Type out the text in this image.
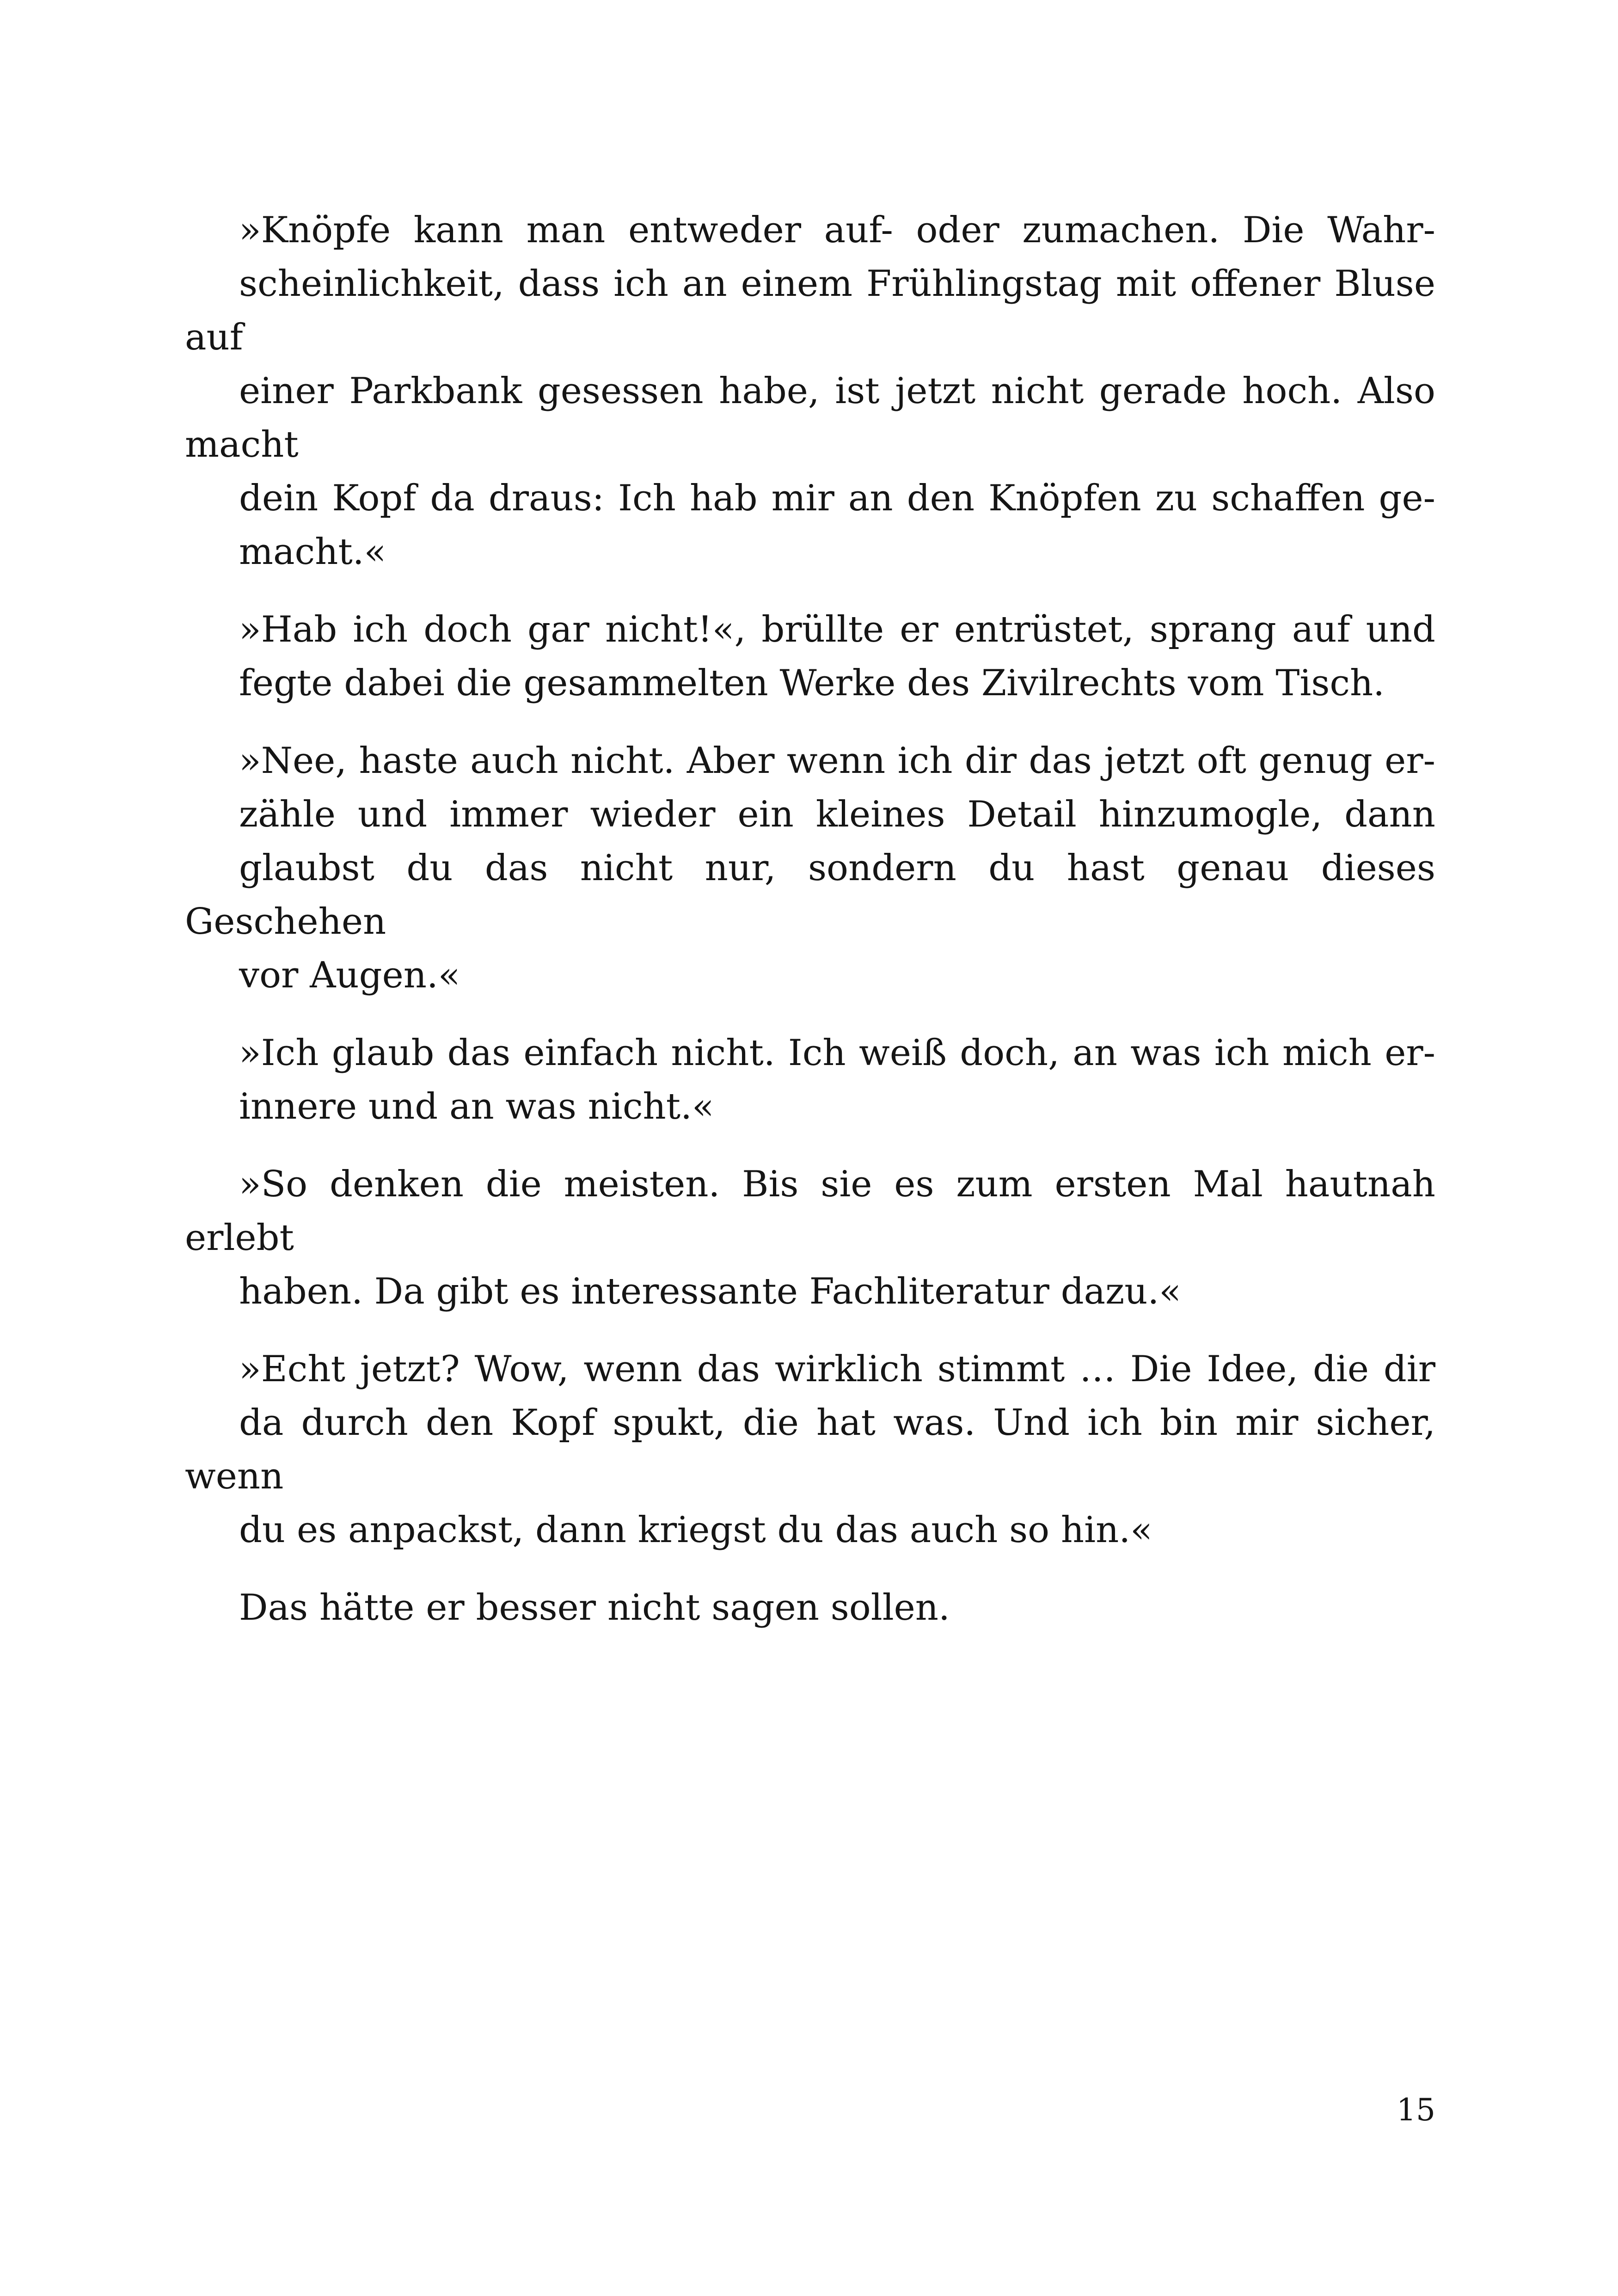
»Knöpfe kann man entweder auf- oder zumachen. Die Wahr-
scheinlichkeit, dass ich an einem Frühlingstag mit offener Bluse auf
einer Parkbank gesessen habe, ist jetzt nicht gerade hoch. Also macht
dein Kopf da draus: Ich hab mir an den Knöpfen zu schaffen ge-
macht.«

»Hab ich doch gar nicht!«, brüllte er entrüstet, sprang auf und
fegte dabei die gesammelten Werke des Zivilrechts vom Tisch.

»Nee, haste auch nicht. Aber wenn ich dir das jetzt oft genug er-
zähle und immer wieder ein kleines Detail hinzumogle, dann
glaubst du das nicht nur, sondern du hast genau dieses Geschehen
vor Augen.«

»Ich glaub das einfach nicht. Ich weiß doch, an was ich mich er-
innere und an was nicht.«

»So denken die meisten. Bis sie es zum ersten Mal hautnah erlebt
haben. Da gibt es interessante Fachliteratur dazu.«

»Echt jetzt? Wow, wenn das wirklich stimmt … Die Idee, die dir
da durch den Kopf spukt, die hat was. Und ich bin mir sicher, wenn
du es anpackst, dann kriegst du das auch so hin.«

Das hätte er besser nicht sagen sollen.

15
